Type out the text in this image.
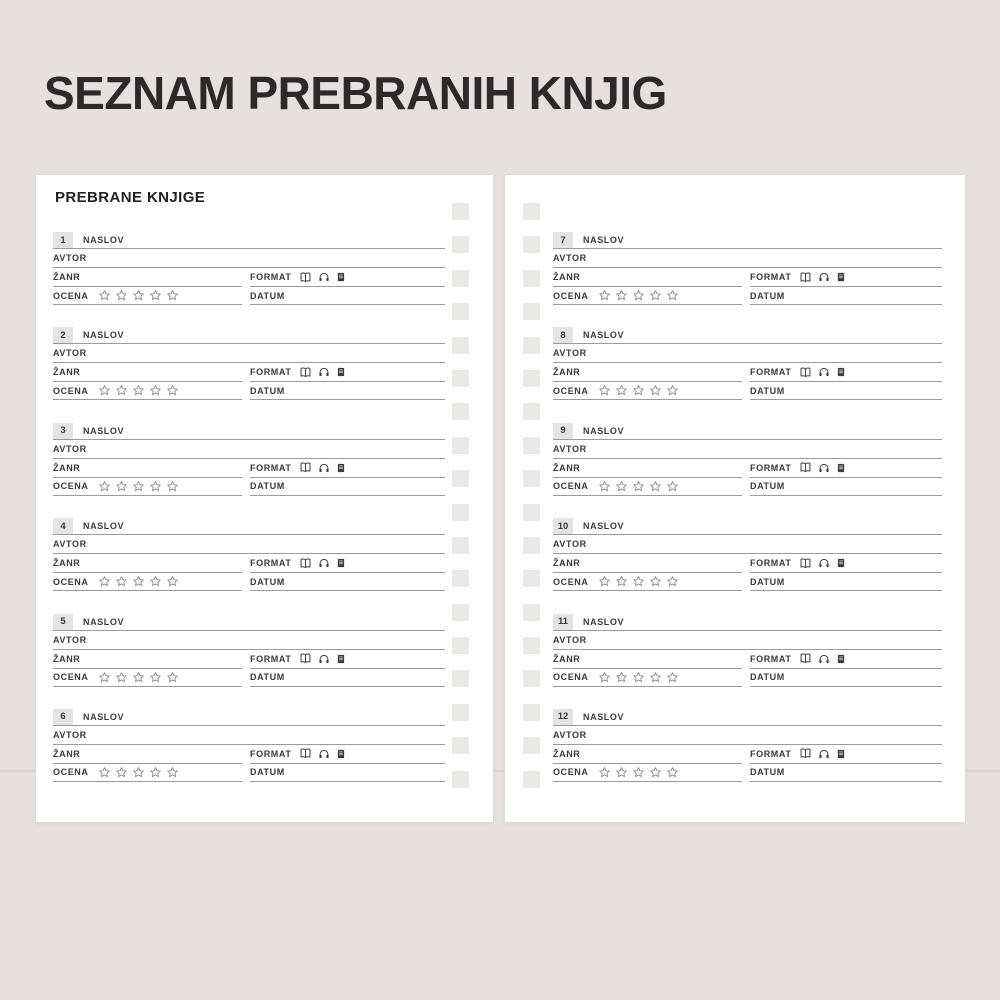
SEZNAM PREBRANIH KNJIG
PREBRANE KNJIGE
1 NASLOV
AVTOR
ŽANR	FORMAT
OCENA	DATUM
2 NASLOV
AVTOR
ŽANR	FORMAT
OCENA	DATUM
3 NASLOV
AVTOR
ŽANR	FORMAT
OCENA	DATUM
4 NASLOV
AVTOR
ŽANR	FORMAT
OCENA	DATUM
5 NASLOV
AVTOR
ŽANR	FORMAT
OCENA	DATUM
6 NASLOV
AVTOR
ŽANR	FORMAT
OCENA	DATUM
7 NASLOV
AVTOR
ŽANR	FORMAT
OCENA	DATUM
8 NASLOV
AVTOR
ŽANR	FORMAT
OCENA	DATUM
9 NASLOV
AVTOR
ŽANR	FORMAT
OCENA	DATUM
10 NASLOV
AVTOR
ŽANR	FORMAT
OCENA	DATUM
11 NASLOV
AVTOR
ŽANR	FORMAT
OCENA	DATUM
12 NASLOV
AVTOR
ŽANR	FORMAT
OCENA	DATUM
